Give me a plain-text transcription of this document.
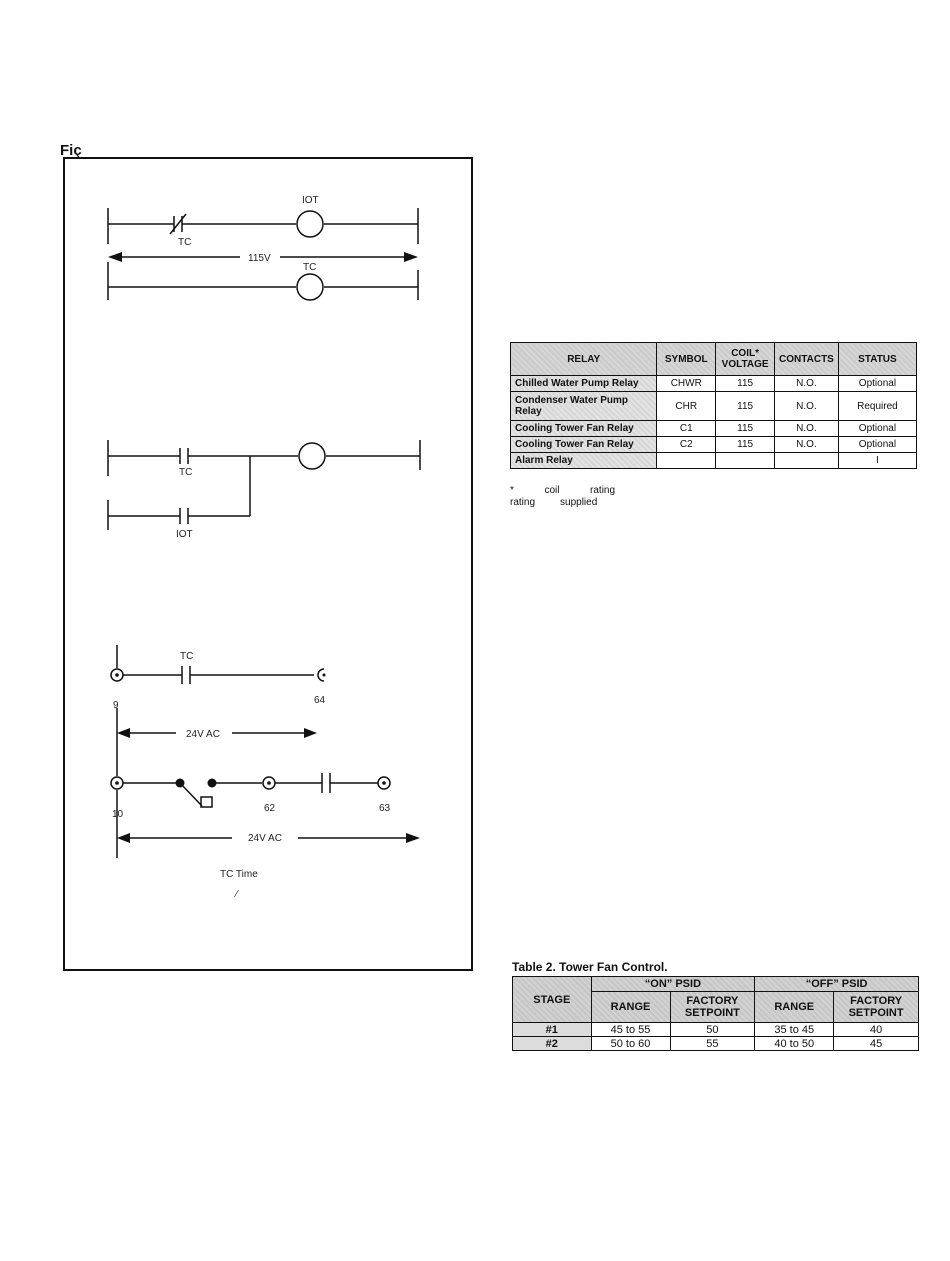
Fiç
IOT
TC
115V
TC
TC
IOT
TC
9	64
24V AC
10
62	63
24V AC
TC Time
⁄
RELAY	SYMBOL	COIL* VOLTAGE	CONTACTS	STATUS
Chilled Water Pump Relay	CHWR	115	N.O.	Optional
Condenser Water Pump Relay	CHR	115	N.O.	Required
Cooling Tower Fan Relay	C1	115	N.O.	Optional
Cooling Tower Fan Relay	C2	115	N.O.	Optional
Alarm Relay				I
*           coil           rating
rating         supplied
Table 2. Tower Fan Control.
STAGE	“ON” PSID		“OFF” PSID	
	RANGE	FACTORY SETPOINT	RANGE	FACTORY SETPOINT
#1	45 to 55	50	35 to 45	40
#2	50 to 60	55	40 to 50	45
